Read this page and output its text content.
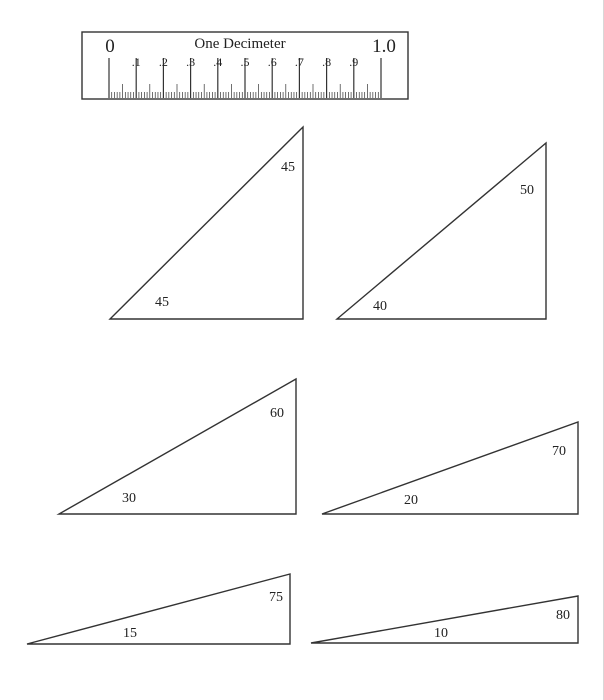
0	One Decimeter	1.0
.1 .2 .3 .4 .5 .6 .7 .8 .9
45
45
40
50
30
60
20
70
15
75
10
80
